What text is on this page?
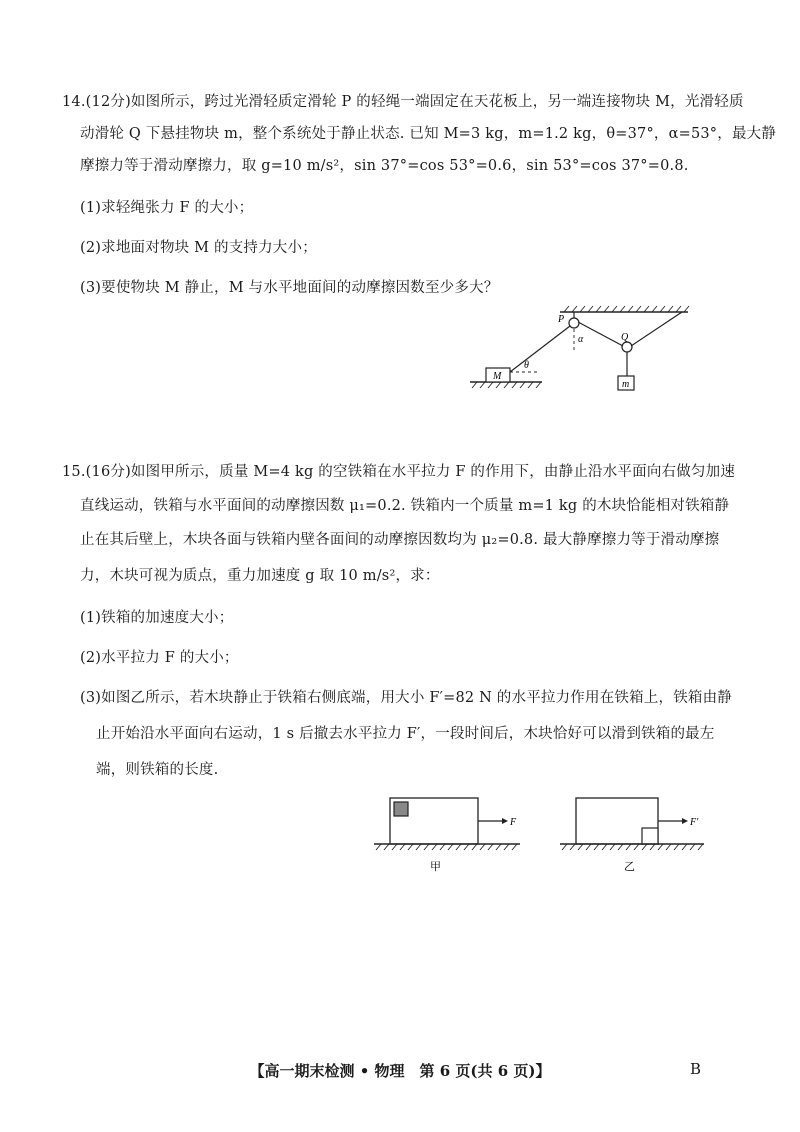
14.(12分)如图所示，跨过光滑轻质定滑轮 P 的轻绳一端固定在天花板上，另一端连接物块 M，光滑轻质
动滑轮 Q 下悬挂物块 m，整个系统处于静止状态. 已知 M=3 kg，m=1.2 kg，θ=37°，α=53°，最大静
摩擦力等于滑动摩擦力，取 g=10 m/s²，sin 37°=cos 53°=0.6，sin 53°=cos 37°=0.8.
(1)求轻绳张力 F 的大小；
(2)求地面对物块 M 的支持力大小；
(3)要使物块 M 静止，M 与水平地面间的动摩擦因数至少多大？
P
α	Q
θ
M
m
15.(16分)如图甲所示，质量 M=4 kg 的空铁箱在水平拉力 F 的作用下，由静止沿水平面向右做匀加速
直线运动，铁箱与水平面间的动摩擦因数 μ₁=0.2. 铁箱内一个质量 m=1 kg 的木块恰能相对铁箱静
止在其后壁上，木块各面与铁箱内壁各面间的动摩擦因数均为 μ₂=0.8. 最大静摩擦力等于滑动摩擦
力，木块可视为质点，重力加速度 g 取 10 m/s²，求：
(1)铁箱的加速度大小；
(2)水平拉力 F 的大小；
(3)如图乙所示，若木块静止于铁箱右侧底端，用大小 F′=82 N 的水平拉力作用在铁箱上，铁箱由静
止开始沿水平面向右运动，1 s 后撤去水平拉力 F′，一段时间后，木块恰好可以滑到铁箱的最左
端，则铁箱的长度.
F
甲
F′
乙
【高一期末检测 • 物理　第 6 页(共 6 页)】	B
